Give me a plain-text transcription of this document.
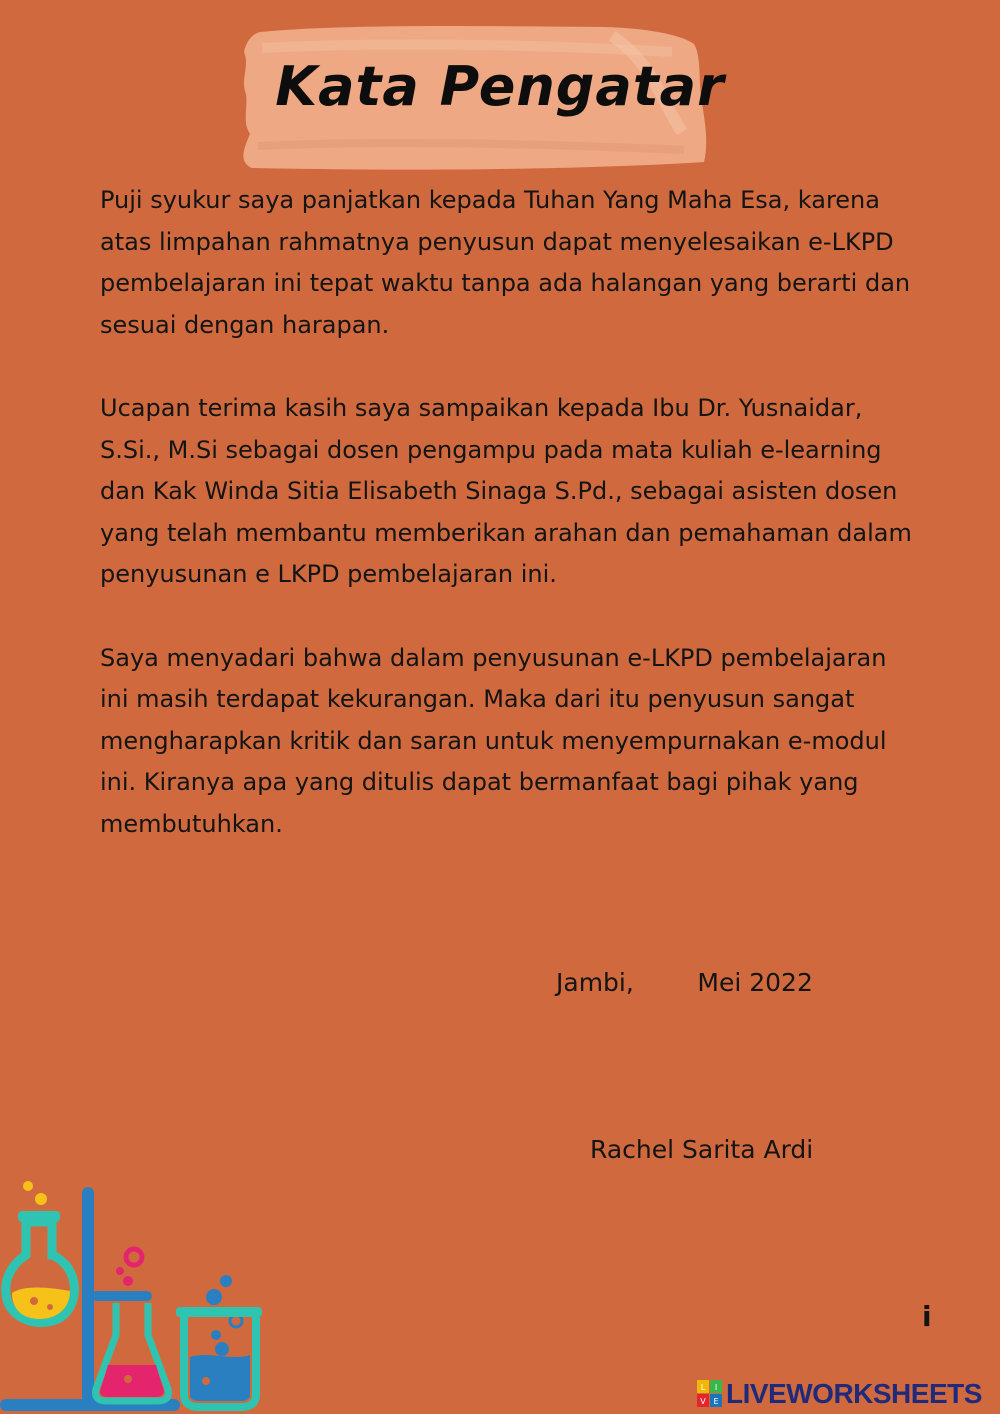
Kata Pengatar

Puji syukur saya panjatkan kepada Tuhan Yang Maha Esa, karena atas limpahan rahmatnya penyusun dapat menyelesaikan e-LKPD pembelajaran ini tepat waktu tanpa ada halangan yang berarti dan sesuai dengan harapan.

Ucapan terima kasih saya sampaikan kepada Ibu Dr. Yusnaidar, S.Si., M.Si sebagai dosen pengampu pada mata kuliah e-learning dan Kak Winda Sitia Elisabeth Sinaga S.Pd., sebagai asisten dosen yang telah membantu memberikan arahan dan pemahaman dalam penyusunan e LKPD pembelajaran ini.

Saya menyadari bahwa dalam penyusunan e-LKPD pembelajaran ini masih terdapat kekurangan. Maka dari itu penyusun sangat mengharapkan kritik dan saran untuk menyempurnakan e-modul ini. Kiranya apa yang ditulis dapat bermanfaat bagi pihak yang membutuhkan.

Jambi,        Mei 2022
Rachel Sarita Ardi
i
L I
V E LIVEWORKSHEETS
